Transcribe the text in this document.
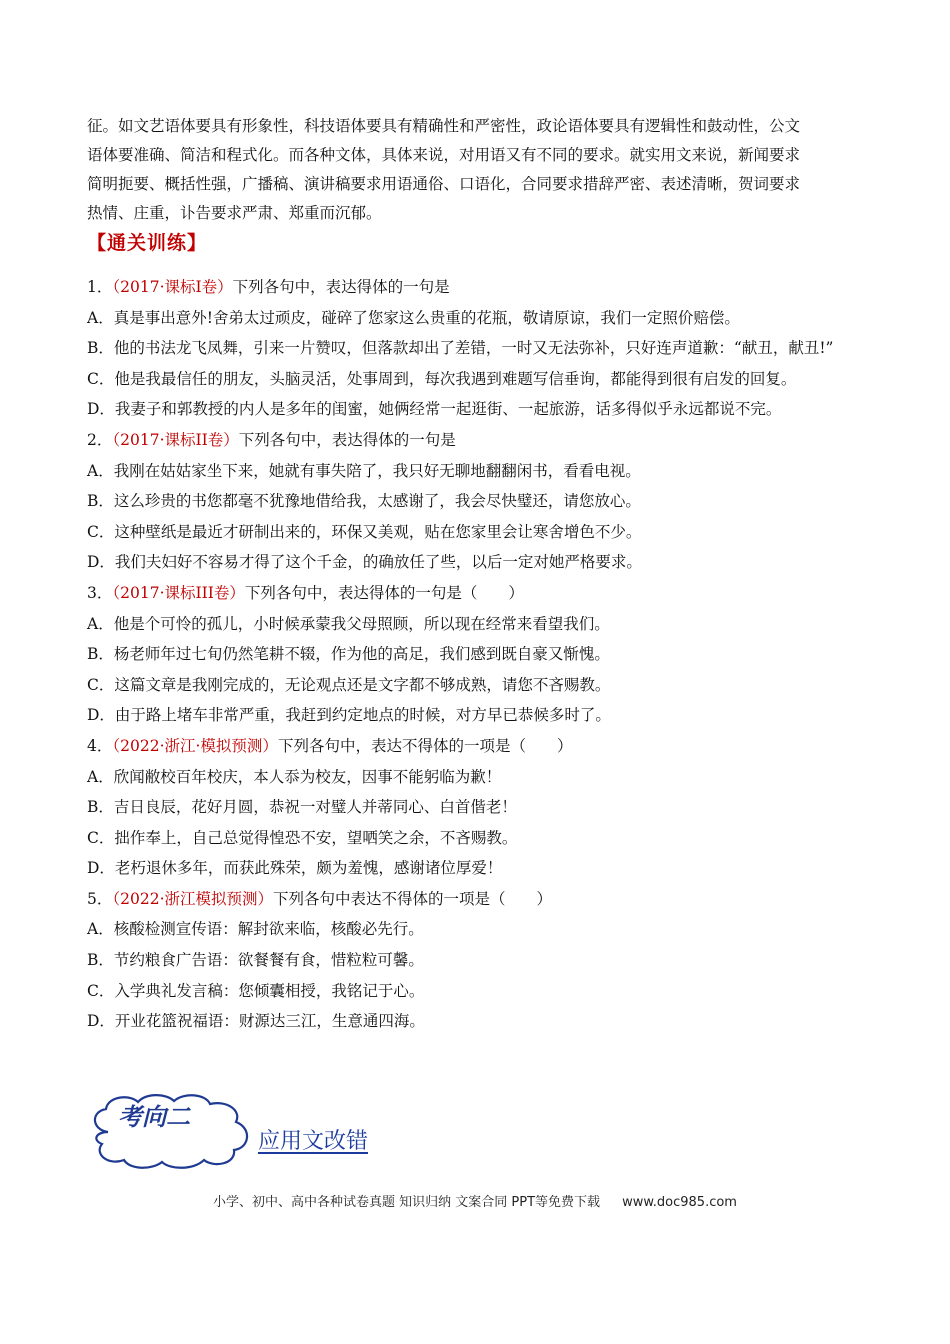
征。如文艺语体要具有形象性，科技语体要具有精确性和严密性，政论语体要具有逻辑性和鼓动性，公文

语体要准确、简洁和程式化。而各种文体，具体来说，对用语又有不同的要求。就实用文来说，新闻要求

简明扼要、概括性强，广播稿、演讲稿要求用语通俗、口语化，合同要求措辞严密、表述清晰，贺词要求

热情、庄重，讣告要求严肃、郑重而沉郁。

【通关训练】
1．（2017·课标I卷）下列各句中，表达得体的一句是
A．真是事出意外!舍弟太过顽皮，碰碎了您家这么贵重的花瓶，敬请原谅，我们一定照价赔偿。
B．他的书法龙飞凤舞，引来一片赞叹，但落款却出了差错，一时又无法弥补，只好连声道歉：“献丑，献丑!”
C．他是我最信任的朋友，头脑灵活，处事周到，每次我遇到难题写信垂询，都能得到很有启发的回复。
D．我妻子和郭教授的内人是多年的闺蜜，她俩经常一起逛街、一起旅游，话多得似乎永远都说不完。
2．（2017·课标II卷）下列各句中，表达得体的一句是
A．我刚在姑姑家坐下来，她就有事失陪了，我只好无聊地翻翻闲书，看看电视。
B．这么珍贵的书您都毫不犹豫地借给我，太感谢了，我会尽快璧还，请您放心。
C．这种壁纸是最近才研制出来的，环保又美观，贴在您家里会让寒舍增色不少。
D．我们夫妇好不容易才得了这个千金，的确放任了些，以后一定对她严格要求。
3．（2017·课标III卷）下列各句中，表达得体的一句是（　　）
A．他是个可怜的孤儿，小时候承蒙我父母照顾，所以现在经常来看望我们。
B．杨老师年过七旬仍然笔耕不辍，作为他的高足，我们感到既自豪又惭愧。
C．这篇文章是我刚完成的，无论观点还是文字都不够成熟，请您不吝赐教。
D．由于路上堵车非常严重，我赶到约定地点的时候，对方早已恭候多时了。
4．（2022·浙江·模拟预测）下列各句中，表达不得体的一项是（　　）
A．欣闻敝校百年校庆，本人忝为校友，因事不能躬临为歉！
B．吉日良辰，花好月圆，恭祝一对璧人并蒂同心、白首偕老！
C．拙作奉上，自己总觉得惶恐不安，望哂笑之余，不吝赐教。
D．老朽退休多年，而获此殊荣，颇为羞愧，感谢诸位厚爱！
5．（2022·浙江模拟预测）下列各句中表达不得体的一项是（　　）
A．核酸检测宣传语：解封欲来临，核酸必先行。
B．节约粮食广告语：欲餐餐有食，惜粒粒可馨。
C．入学典礼发言稿：您倾囊相授，我铭记于心。
D．开业花篮祝福语：财源达三江，生意通四海。
考向二
应用文改错
小学、初中、高中各种试卷真题 知识归纳 文案合同 PPT等免费下载 www.doc985.com
